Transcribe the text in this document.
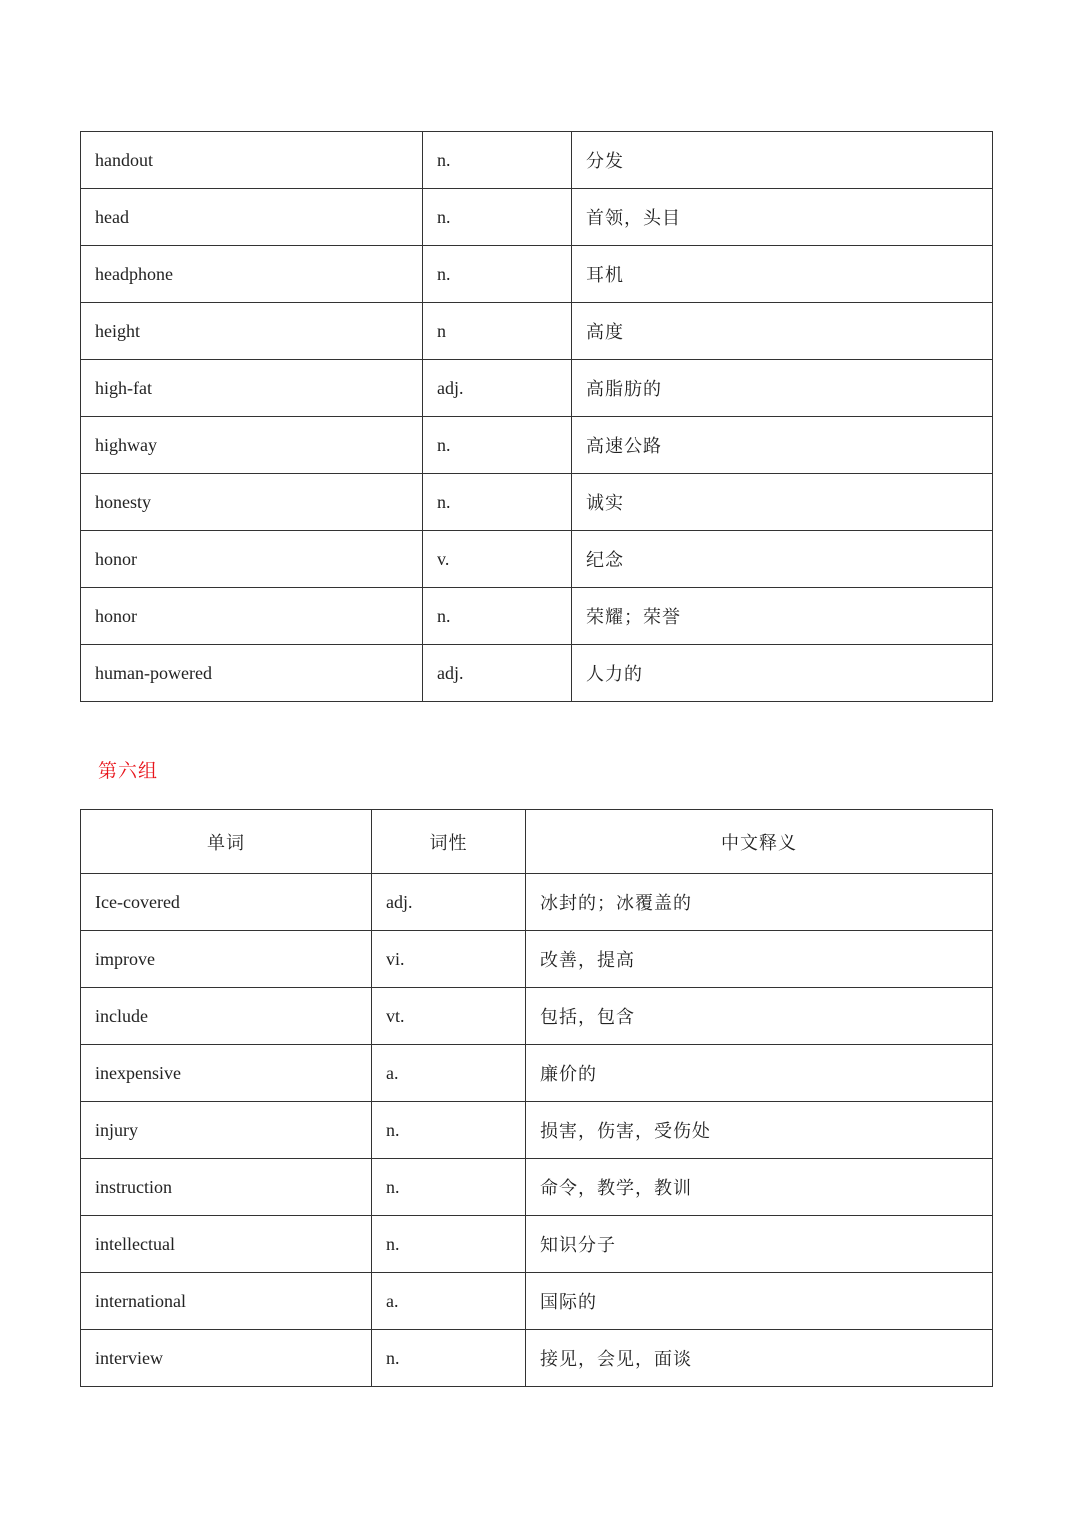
handout	n.	分发
head	n.	首领，头目
headphone	n.	耳机
height	n	高度
high-fat	adj.	高脂肪的
highway	n.	高速公路
honesty	n.	诚实
honor	v.	纪念
honor	n.	荣耀；荣誉
human-powered	adj.	人力的
第六组
单词	词性	中文释义
Ice-covered	adj.	冰封的；冰覆盖的
improve	vi.	改善，提高
include	vt.	包括，包含
inexpensive	a.	廉价的
injury	n.	损害，伤害，受伤处
instruction	n.	命令，教学，教训
intellectual	n.	知识分子
international	a.	国际的
interview	n.	接见，会见，面谈
